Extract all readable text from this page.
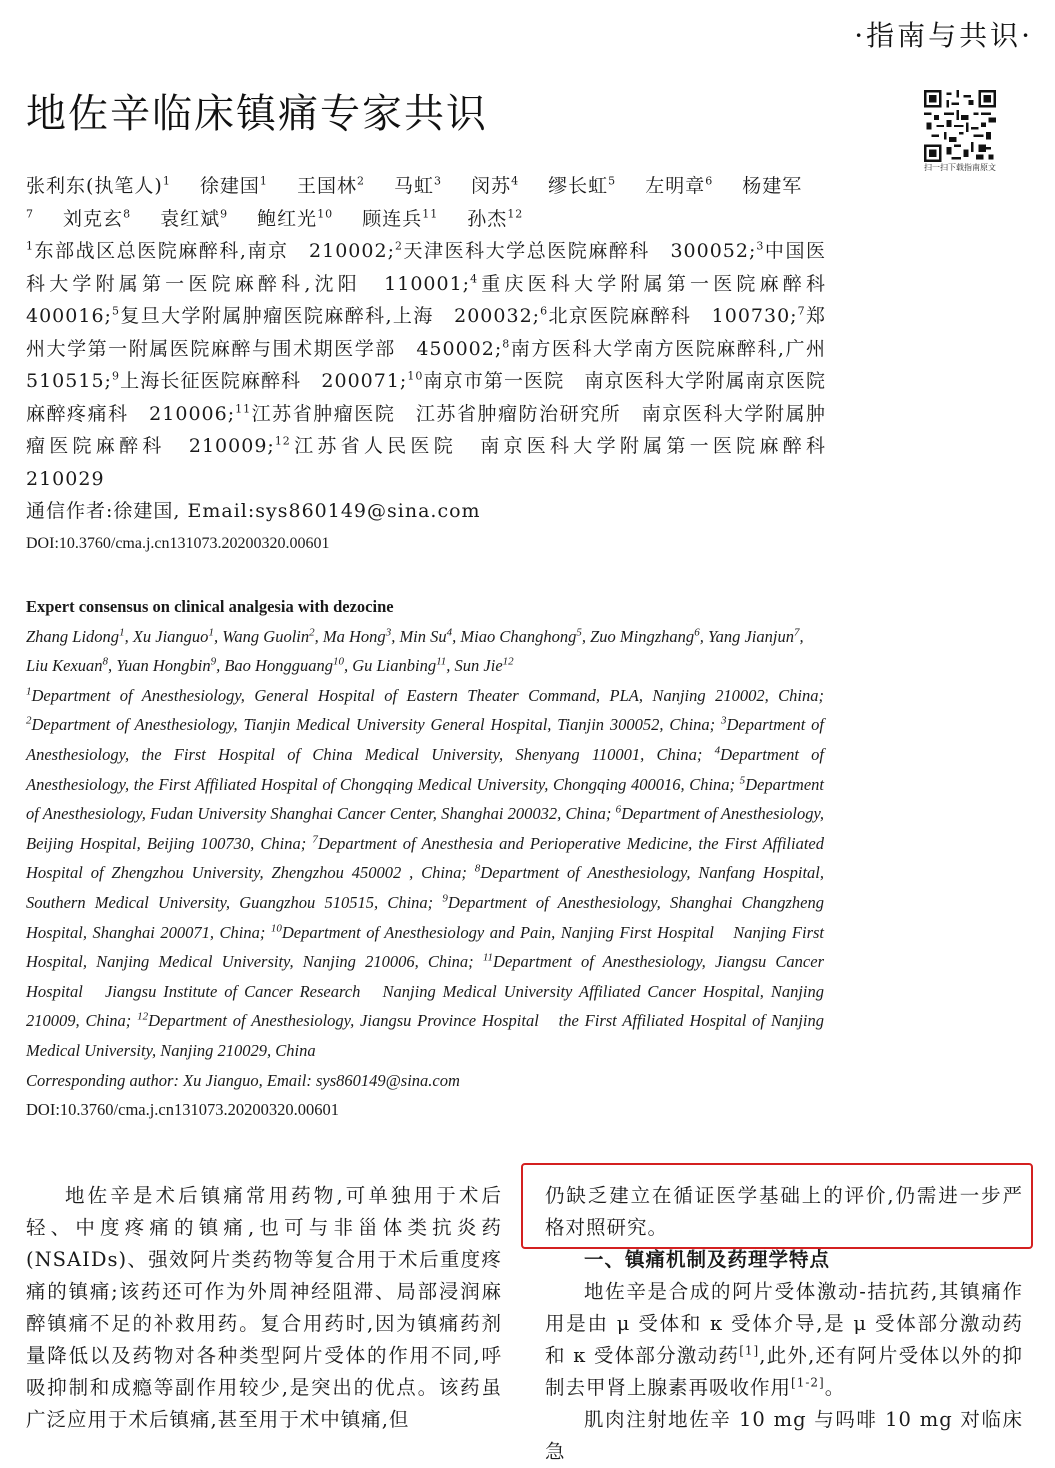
·指南与共识·
地佐辛临床镇痛专家共识
扫一扫下载指南原文

张利东(执笔人)$^1$ 徐建国$^1$ 王国林$^2$ 马虹$^3$ 闵苏$^4$ 缪长虹$^5$ 左明章$^6$ 杨建军$^7$ 刘克玄$^8$ 袁红斌$^9$ 鲍红光$^{10}$ 顾连兵$^{11}$ 孙杰$^{12}$

$^1$东部战区总医院麻醉科,南京　210002;$^2$天津医科大学总医院麻醉科　300052;$^3$中国医科大学附属第一医院麻醉科,沈阳　110001;$^4$重庆医科大学附属第一医院麻醉科　400016;$^5$复旦大学附属肿瘤医院麻醉科,上海　200032;$^6$北京医院麻醉科　100730;$^7$郑州大学第一附属医院麻醉与围术期医学部　450002;$^8$南方医科大学南方医院麻醉科,广州　510515;$^9$上海长征医院麻醉科　200071;$^{10}$南京市第一医院　南京医科大学附属南京医院麻醉疼痛科　210006;$^{11}$江苏省肿瘤医院　江苏省肿瘤防治研究所　南京医科大学附属肿瘤医院麻醉科　210009;$^{12}$江苏省人民医院　南京医科大学附属第一医院麻醉科　210029

通信作者:徐建国, Email:sys860149@sina.com

DOI:10.3760/cma.j.cn131073.20200320.00601

Expert consensus on clinical analgesia with dezocine

Zhang Lidong$^1$, Xu Jianguo$^1$, Wang Guolin$^2$, Ma Hong$^3$, Min Su$^4$, Miao Changhong$^5$, Zuo Mingzhang$^6$, Yang Jianjun$^7$, Liu Kexuan$^8$, Yuan Hongbin$^9$, Bao Hongguang$^{10}$, Gu Lianbing$^{11}$, Sun Jie$^{12}$

$^1$Department of Anesthesiology, General Hospital of Eastern Theater Command, PLA, Nanjing 210002, China; $^2$Department of Anesthesiology, Tianjin Medical University General Hospital, Tianjin 300052, China; $^3$Department of Anesthesiology, the First Hospital of China Medical University, Shenyang 110001, China; $^4$Department of Anesthesiology, the First Affiliated Hospital of Chongqing Medical University, Chongqing 400016, China; $^5$Department of Anesthesiology, Fudan University Shanghai Cancer Center, Shanghai 200032, China; $^6$Department of Anesthesiology, Beijing Hospital, Beijing 100730, China; $^7$Department of Anesthesia and Perioperative Medicine, the First Affiliated Hospital of Zhengzhou University, Zhengzhou 450002 , China; $^8$Department of Anesthesiology, Nanfang Hospital, Southern Medical University, Guangzhou 510515, China; $^9$Department of Anesthesiology, Shanghai Changzheng Hospital, Shanghai 200071, China; $^{10}$Department of Anesthesiology and Pain, Nanjing First Hospital　Nanjing First Hospital, Nanjing Medical University, Nanjing 210006, China; $^{11}$Department of Anesthesiology, Jiangsu Cancer Hospital　Jiangsu Institute of Cancer Research　Nanjing Medical University Affiliated Cancer Hospital, Nanjing 210009, China; $^{12}$Department of Anesthesiology, Jiangsu Province Hospital　the First Affiliated Hospital of Nanjing Medical University, Nanjing 210029, China

Corresponding author: Xu Jianguo, Email: sys860149@sina.com

DOI:10.3760/cma.j.cn131073.20200320.00601

地佐辛是术后镇痛常用药物,可单独用于术后轻、中度疼痛的镇痛,也可与非甾体类抗炎药(NSAIDs)、强效阿片类药物等复合用于术后重度疼痛的镇痛;该药还可作为外周神经阻滞、局部浸润麻醉镇痛不足的补救用药。复合用药时,因为镇痛药剂量降低以及药物对各种类型阿片受体的作用不同,呼吸抑制和成瘾等副作用较少,是突出的优点。该药虽广泛应用于术后镇痛,甚至用于术中镇痛,但

仍缺乏建立在循证医学基础上的评价,仍需进一步严格对照研究。

一、镇痛机制及药理学特点

地佐辛是合成的阿片受体激动-拮抗药,其镇痛作用是由 μ 受体和 κ 受体介导,是 μ 受体部分激动药和 κ 受体部分激动药[1],此外,还有阿片受体以外的抑制去甲肾上腺素再吸收作用[1-2]。

肌肉注射地佐辛 10 mg 与吗啡 10 mg 对临床急
